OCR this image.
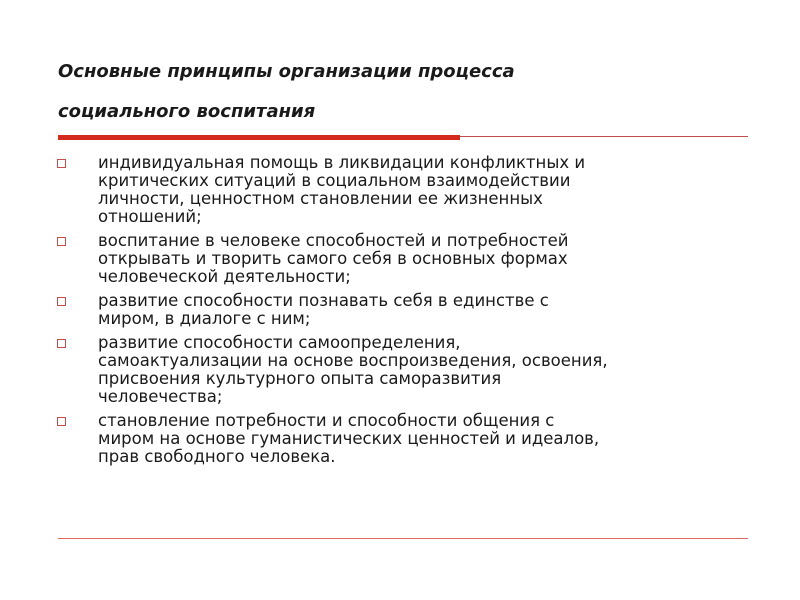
Основные принципы организации процесса
социального воспитания
индивидуальная помощь в ликвидации конфликтных и
критических ситуаций в социальном взаимодействии
личности, ценностном становлении ее жизненных
отношений;
воспитание в человеке способностей и потребностей
открывать и творить самого себя в основных формах
человеческой деятельности;
развитие способности познавать себя в единстве с
миром, в диалоге с ним;
развитие способности самоопределения,
самоактуализации на основе воспроизведения, освоения,
присвоения культурного опыта саморазвития
человечества;
становление потребности и способности общения с
миром на основе гуманистических ценностей и идеалов,
прав свободного человека.
